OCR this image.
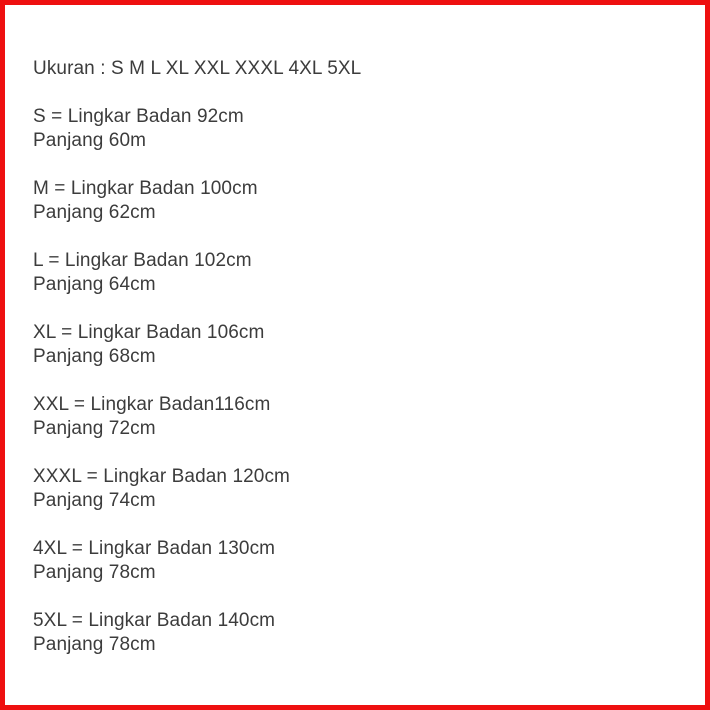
Ukuran : S M L XL XXL XXXL 4XL 5XL
S = Lingkar Badan 92cm
Panjang 60m
M = Lingkar Badan 100cm
Panjang 62cm
L = Lingkar Badan 102cm
Panjang 64cm
XL = Lingkar Badan 106cm
Panjang 68cm
XXL = Lingkar Badan116cm
Panjang 72cm
XXXL = Lingkar Badan 120cm
Panjang 74cm
4XL = Lingkar Badan 130cm
Panjang 78cm
5XL = Lingkar Badan 140cm
Panjang 78cm
